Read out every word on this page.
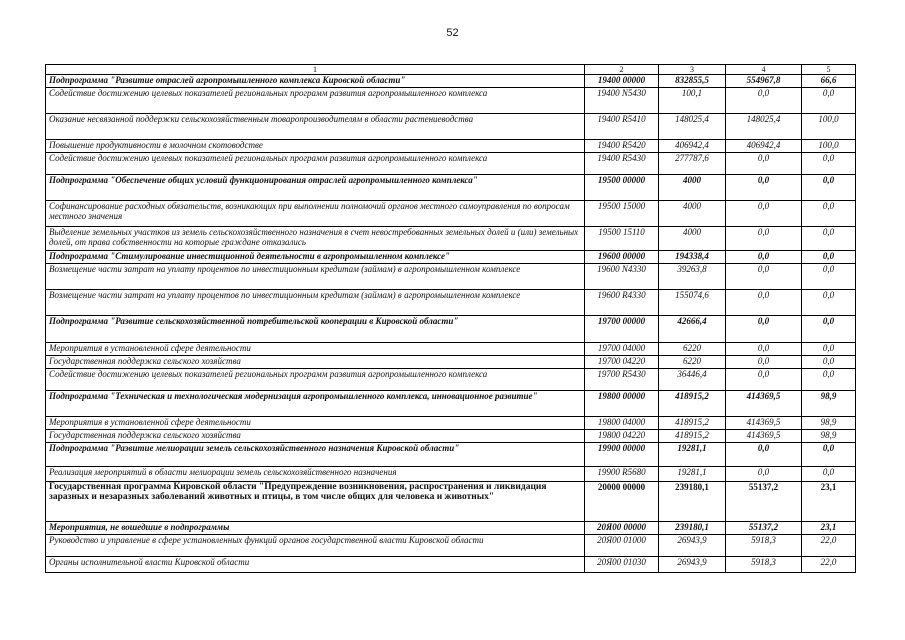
52
1	2	3	4	5
Подпрограмма "Развитие отраслей агропромышленного комплекса Кировской области"	19400 00000	832855,5	554967,8	66,6
Содействие достижению целевых показателей региональных программ развития агропромышленного комплекса	19400 N5430	100,1	0,0	0,0
Оказание несвязанной поддержки сельскохозяйственным товаропроизводителям в области растениеводства	19400 R5410	148025,4	148025,4	100,0
Повышение продуктивности в молочном скотоводстве	19400 R5420	406942,4	406942,4	100,0
Содействие достижению целевых показателей региональных программ развития агропромышленного комплекса	19400 R5430	277787,6	0,0	0,0
Подпрограмма "Обеспечение общих условий функционирования отраслей агропромышленного комплекса"	19500 00000	4000	0,0	0,0
Софинансирование расходных обязательств, возникающих при выполнении полномочий органов местного самоуправления по вопросам местного значения	19500 15000	4000	0,0	0,0
Выделение земельных участков из земель сельскохозяйственного назначения в счет невостребованных земельных долей и (или) земельных долей, от права собственности на которые граждане отказались	19500 15110	4000	0,0	0,0
Подпрограмма "Стимулирование инвестиционной деятельности в агропромышленном комплексе"	19600 00000	194338,4	0,0	0,0
Возмещение части затрат на уплату процентов по инвестиционным кредитам (займам) в агропромышленном комплексе	19600 N4330	39263,8	0,0	0,0
Возмещение части затрат на уплату процентов по инвестиционным кредитам (займам) в агропромышленном комплексе	19600 R4330	155074,6	0,0	0,0
Подпрограмма "Развитие сельскохозяйственной потребительской кооперации в Кировской области"	19700 00000	42666,4	0,0	0,0
Мероприятия в установленной сфере деятельности	19700 04000	6220	0,0	0,0
Государственная поддержка сельского хозяйства	19700 04220	6220	0,0	0,0
Содействие достижению целевых показателей региональных программ развития агропромышленного комплекса	19700 R5430	36446,4	0,0	0,0
Подпрограмма "Техническая и технологическая модернизация агропромышленного комплекса, инновационное развитие"	19800 00000	418915,2	414369,5	98,9
Мероприятия в установленной сфере деятельности	19800 04000	418915,2	414369,5	98,9
Государственная поддержка сельского хозяйства	19800 04220	418915,2	414369,5	98,9
Подпрограмма "Развитие мелиорации земель сельскохозяйственного назначения Кировской области"	19900 00000	19281,1	0,0	0,0
Реализация мероприятий в области мелиорации земель сельскохозяйственного назначения	19900 R5680	19281,1	0,0	0,0
Государственная программа Кировской области "Предупреждение возникновения, распространения и ликвидация заразных и незаразных заболеваний животных и птицы, в том числе общих для человека и животных"	20000 00000	239180,1	55137,2	23,1
Мероприятия, не вошедшие в подпрограммы	20Я00 00000	239180,1	55137,2	23,1
Руководство и управление в сфере установленных функций органов государственной власти Кировской области	20Я00 01000	26943,9	5918,3	22,0
Органы исполнительной власти Кировской области	20Я00 01030	26943,9	5918,3	22,0
